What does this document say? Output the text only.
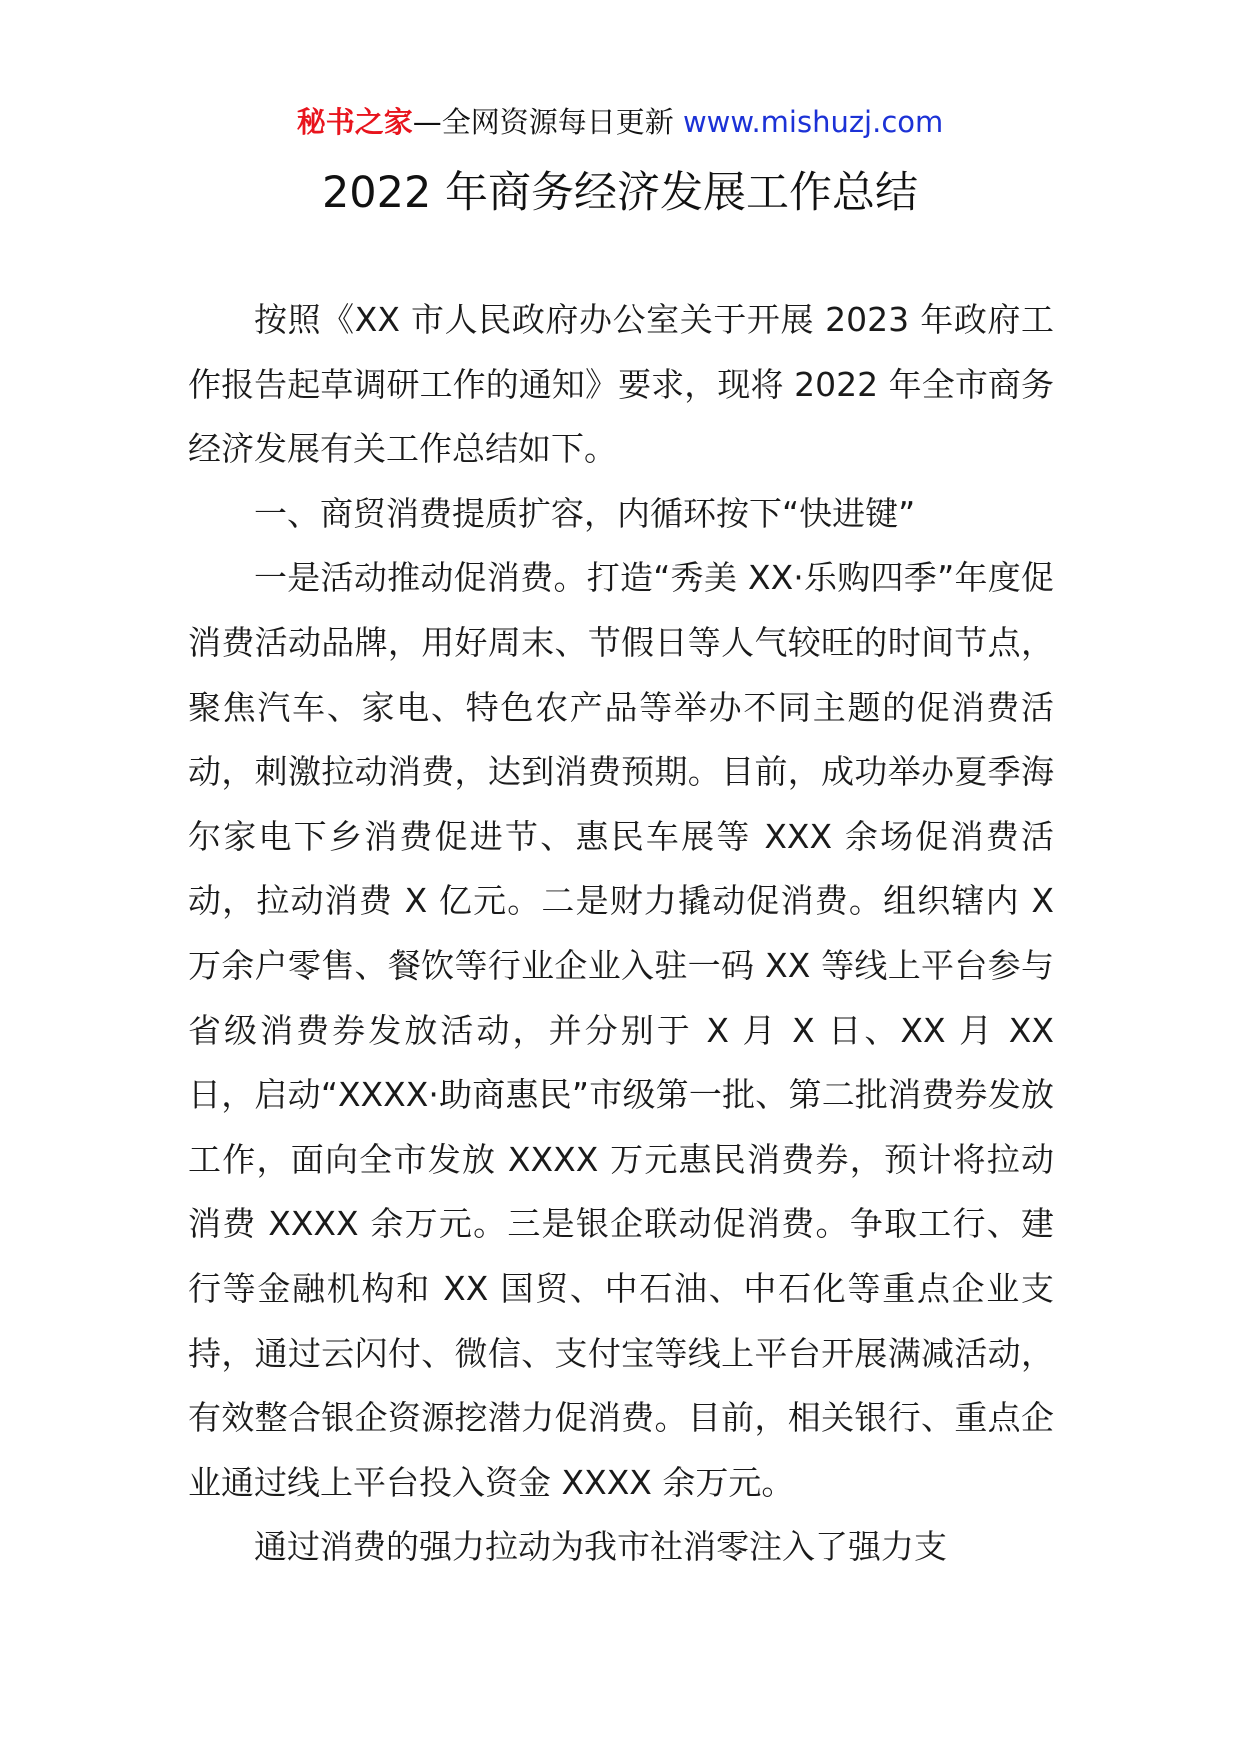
秘书之家—全网资源每日更新 www.mishuzj.com
2022 年商务经济发展工作总结

按照《XX 市人民政府办公室关于开展 2023 年政府工作报告起草调研工作的通知》要求，现将 2022 年全市商务经济发展有关工作总结如下。

一、商贸消费提质扩容，内循环按下“快进键”

一是活动推动促消费。打造“秀美 XX·乐购四季”年度促消费活动品牌，用好周末、节假日等人气较旺的时间节点，聚焦汽车、家电、特色农产品等举办不同主题的促消费活动，刺激拉动消费，达到消费预期。目前，成功举办夏季海尔家电下乡消费促进节、惠民车展等 XXX 余场促消费活动，拉动消费 X 亿元。二是财力撬动促消费。组织辖内 X 万余户零售、餐饮等行业企业入驻一码 XX 等线上平台参与省级消费券发放活动，并分别于 X 月 X 日、XX 月 XX 日，启动“XXXX·助商惠民”市级第一批、第二批消费券发放工作，面向全市发放 XXXX 万元惠民消费券，预计将拉动消费 XXXX 余万元。三是银企联动促消费。争取工行、建行等金融机构和 XX 国贸、中石油、中石化等重点企业支持，通过云闪付、微信、支付宝等线上平台开展满减活动，有效整合银企资源挖潜力促消费。目前，相关银行、重点企业通过线上平台投入资金 XXXX 余万元。

通过消费的强力拉动为我市社消零注入了强力支
